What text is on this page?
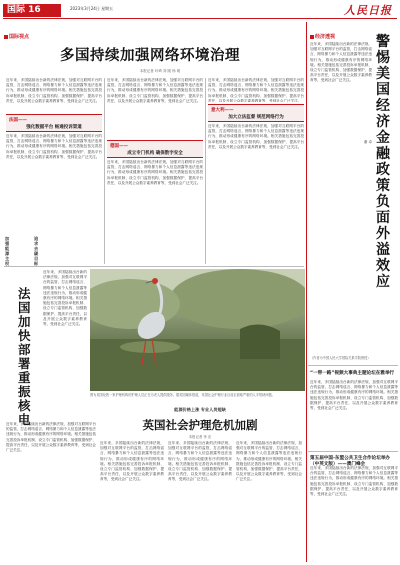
国际 16	2023年3月24日 星期五	人民日报
国际视点
多国持续加强网络环境治理
本报记者 叶琦 刘 刚 杨 明
近年来，多国陆续出台新的法律法规，加强对互联网平台的监管，打击网络谣言、网络暴力和个人信息泄露等违法违规行为，推动形成健康有序的网络环境。相关措施包括完善投诉举报机制、设立专门监管机构、加强数据保护、提高平台责任，以及开展公众数字素养教育等，受到社会广泛关注。
法国——
强化数据平台 畅通投诉渠道
近年来，多国陆续出台新的法律法规，加强对互联网平台的监管，打击网络谣言、网络暴力和个人信息泄露等违法违规行为，推动形成健康有序的网络环境。相关措施包括完善投诉举报机制、设立专门监管机构、加强数据保护、提高平台责任，以及开展公众数字素养教育等，受到社会广泛关注。
近年来，多国陆续出台新的法律法规，加强对互联网平台的监管，打击网络谣言、网络暴力和个人信息泄露等违法违规行为，推动形成健康有序的网络环境。相关措施包括完善投诉举报机制、设立专门监管机构、加强数据保护、提高平台责任，以及开展公众数字素养教育等，受到社会广泛关注。
德国——
成立专门机构 确保数字安全
近年来，多国陆续出台新的法律法规，加强对互联网平台的监管，打击网络谣言、网络暴力和个人信息泄露等违法违规行为，推动形成健康有序的网络环境。相关措施包括完善投诉举报机制、设立专门监管机构、加强数据保护、提高平台责任，以及开展公众数字素养教育等，受到社会广泛关注。
近年来，多国陆续出台新的法律法规，加强对互联网平台的监管，打击网络谣言、网络暴力和个人信息泄露等违法违规行为，推动形成健康有序的网络环境。相关措施包括完善投诉举报机制、设立专门监管机构、加强数据保护、提高平台责任，以及开展公众数字素养教育等，受到社会广泛关注。
意大利——
加大立法监督 规范网络行为
近年来，多国陆续出台新的法律法规，加强对互联网平台的监管，打击网络谣言、网络暴力和个人信息泄露等违法违规行为，推动形成健康有序的网络环境。相关措施包括完善投诉举报机制、设立专门监管机构、加强数据保护、提高平台责任，以及开展公众数字素养教育等，受到社会广泛关注。
加强能源主权
追求去碳目标
法国加快部署重振核电
近年来，多国陆续出台新的法律法规，加强对互联网平台的监管，打击网络谣言、网络暴力和个人信息泄露等违法违规行为，推动形成健康有序的网络环境。相关措施包括完善投诉举报机制、设立专门监管机构、加强数据保护、提高平台责任，以及开展公众数字素养教育等，受到社会广泛关注。
近年来，多国陆续出台新的法律法规，加强对互联网平台的监管，打击网络谣言、网络暴力和个人信息泄露等违法违规行为，推动形成健康有序的网络环境。相关措施包括完善投诉举报机制、设立专门监管机构、加强数据保护、提高平台责任，以及开展公众数字素养教育等，受到社会广泛关注。
图为英国伦敦一家护理机构的护理人员正在为老人提供服务。据英国媒体报道，英国社会护理行业目前正面临严重的人手短缺问题。
能源价格上涨 专业人员短缺
英国社会护理危机加剧
本报记者 李 应
近年来，多国陆续出台新的法律法规，加强对互联网平台的监管，打击网络谣言、网络暴力和个人信息泄露等违法违规行为，推动形成健康有序的网络环境。相关措施包括完善投诉举报机制、设立专门监管机构、加强数据保护、提高平台责任，以及开展公众数字素养教育等，受到社会广泛关注。
近年来，多国陆续出台新的法律法规，加强对互联网平台的监管，打击网络谣言、网络暴力和个人信息泄露等违法违规行为，推动形成健康有序的网络环境。相关措施包括完善投诉举报机制、设立专门监管机构、加强数据保护、提高平台责任，以及开展公众数字素养教育等，受到社会广泛关注。
近年来，多国陆续出台新的法律法规，加强对互联网平台的监管，打击网络谣言、网络暴力和个人信息泄露等违法违规行为，推动形成健康有序的网络环境。相关措施包括完善投诉举报机制、设立专门监管机构、加强数据保护、提高平台责任，以及开展公众数字素养教育等，受到社会广泛关注。
经济透视	警惕美国经济金融政策负面外溢效应
谢 卓
近年来，多国陆续出台新的法律法规，加强对互联网平台的监管，打击网络谣言、网络暴力和个人信息泄露等违法违规行为，推动形成健康有序的网络环境。相关措施包括完善投诉举报机制、设立专门监管机构、加强数据保护、提高平台责任，以及开展公众数字素养教育等，受到社会广泛关注。
（作者为中国人民大学国际关系学院教授）
“一带一路”视频大事典主题论坛在雅举行
近年来，多国陆续出台新的法律法规，加强对互联网平台的监管，打击网络谣言、网络暴力和个人信息泄露等违法违规行为，推动形成健康有序的网络环境。相关措施包括完善投诉举报机制、设立专门监管机构、加强数据保护、提高平台责任，以及开展公众数字素养教育等，受到社会广泛关注。
第五届中国-东盟公共卫生合作论坛举办（中英文版）——澳门峰会
近年来，多国陆续出台新的法律法规，加强对互联网平台的监管，打击网络谣言、网络暴力和个人信息泄露等违法违规行为，推动形成健康有序的网络环境。相关措施包括完善投诉举报机制、设立专门监管机构、加强数据保护、提高平台责任，以及开展公众数字素养教育等，受到社会广泛关注。
